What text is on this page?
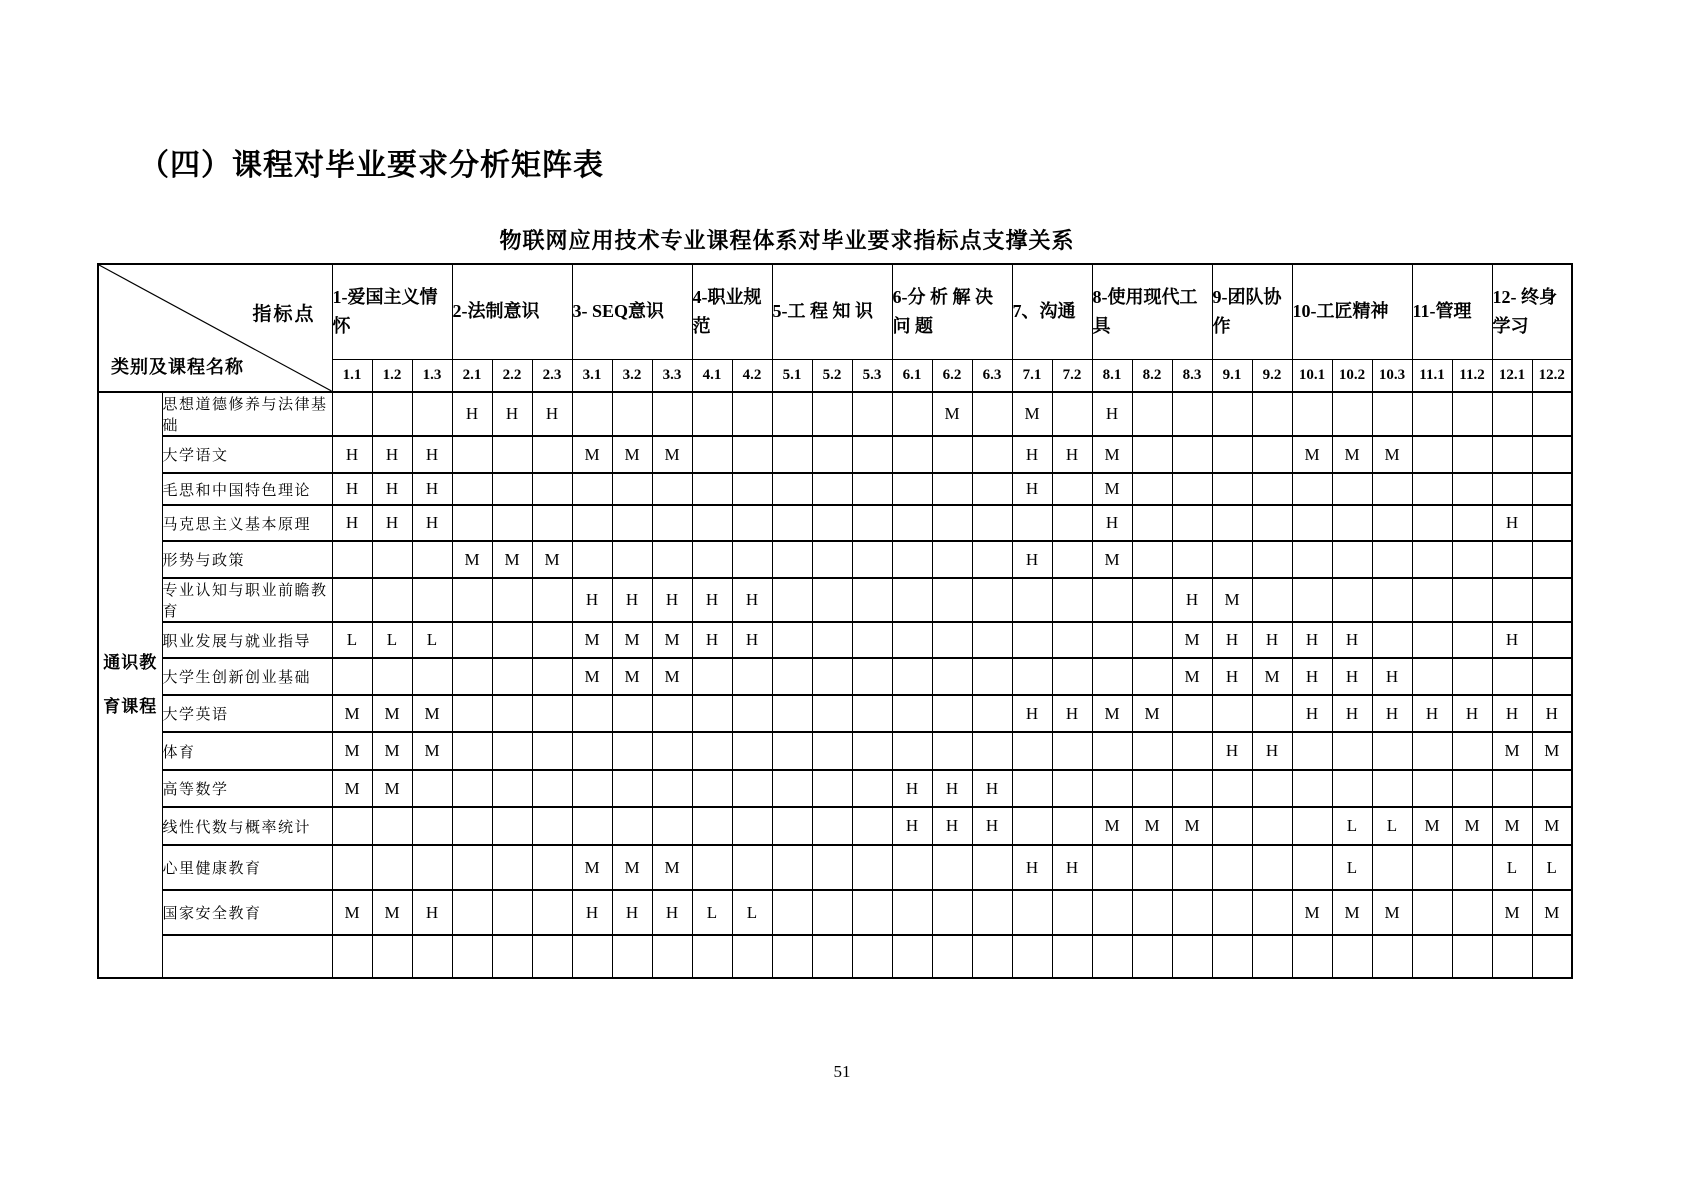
（四）课程对毕业要求分析矩阵表
物联网应用技术专业课程体系对毕业要求指标点支撑关系
指标点
类别及课程名称		1-爱国主义情怀			2-法制意识			3- SEQ意识			4-职业规范		5-工 程 知 识			6-分 析 解 决 问 题			7、沟通		8-使用现代工具			9-团队协作		10-工匠精神			11-管理		12- 终身学习	
		1.1	1.2	1.3	2.1	2.2	2.3	3.1	3.2	3.3	4.1	4.2	5.1	5.2	5.3	6.1	6.2	6.3	7.1	7.2	8.1	8.2	8.3	9.1	9.2	10.1	10.2	10.3	11.1	11.2	12.1	12.2
通识教育课程	思想道德修养与法律基础				H	H	H										M		M		H											
	大学语文	H	H	H				M	M	M									H	H	M					M	M	M				
	毛思和中国特色理论	H	H	H															H		M											
	马克思主义基本原理	H	H	H																	H										H	
	形势与政策				M	M	M												H		M											
	专业认知与职业前瞻教育							H	H	H	H	H											H	M								
	职业发展与就业指导	L	L	L				M	M	M	H	H											M	H	H	H	H				H	
	大学生创新创业基础							M	M	M													M	H	M	H	H	H				
	大学英语	M	M	M															H	H	M	M				H	H	H	H	H	H	H
	体育	M	M	M																				H	H						M	M
	高等数学	M	M													H	H	H														
	线性代数与概率统计															H	H	H			M	M	M				L	L	M	M	M	M
	心里健康教育							M	M	M									H	H							L				L	L
	国家安全教育	M	M	H				H	H	H	L	L														M	M	M			M	M

51
